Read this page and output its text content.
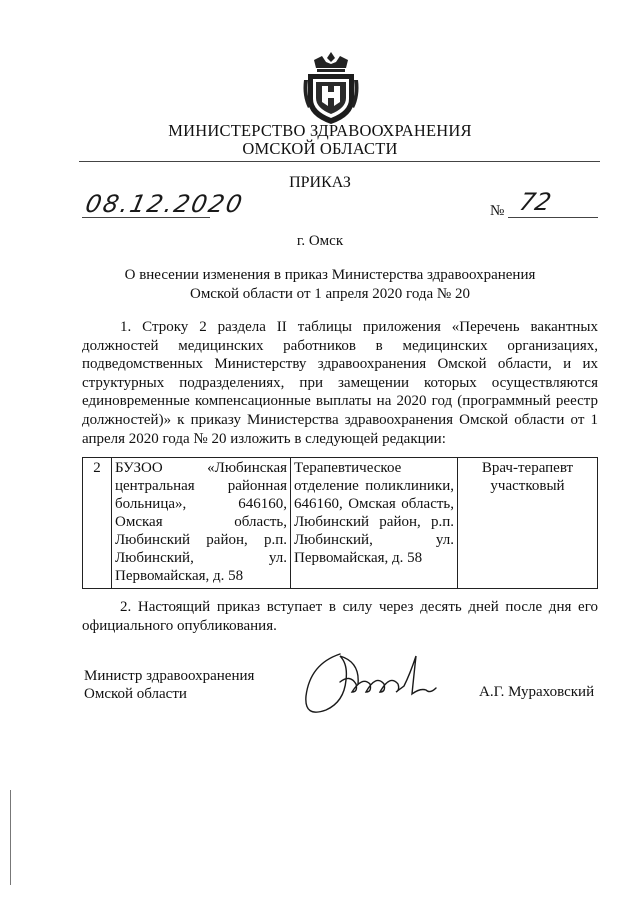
МИНИСТЕРСТВО ЗДРАВООХРАНЕНИЯ
ОМСКОЙ ОБЛАСТИ
ПРИКАЗ
08.12.2020	№ 72
г. Омск
О внесении изменения в приказ Министерства здравоохранения
Омской области от 1 апреля 2020 года № 20
1. Строку 2 раздела II таблицы приложения «Перечень вакантных должностей медицинских работников в медицинских организациях, подведомственных Министерству здравоохранения Омской области, и их структурных подразделениях, при замещении которых осуществляются единовременные компенсационные выплаты на 2020 год (программный реестр должностей)» к приказу Министерства здравоохранения Омской области от 1 апреля 2020 года № 20 изложить в следующей редакции:
2	БУЗОО «Любинская центральная районная больница», 646160, Омская область, Любинский район, р.п. Любинский, ул. Первомайская, д. 58	Терапевтическое отделение поликлиники, 646160, Омская область, Любинский район, р.п. Любинский, ул. Первомайская, д. 58	Врач-терапевт участковый
2. Настоящий приказ вступает в силу через десять дней после дня его официального опубликования.
Министр здравоохранения
Омской области	А.Г. Мураховский
